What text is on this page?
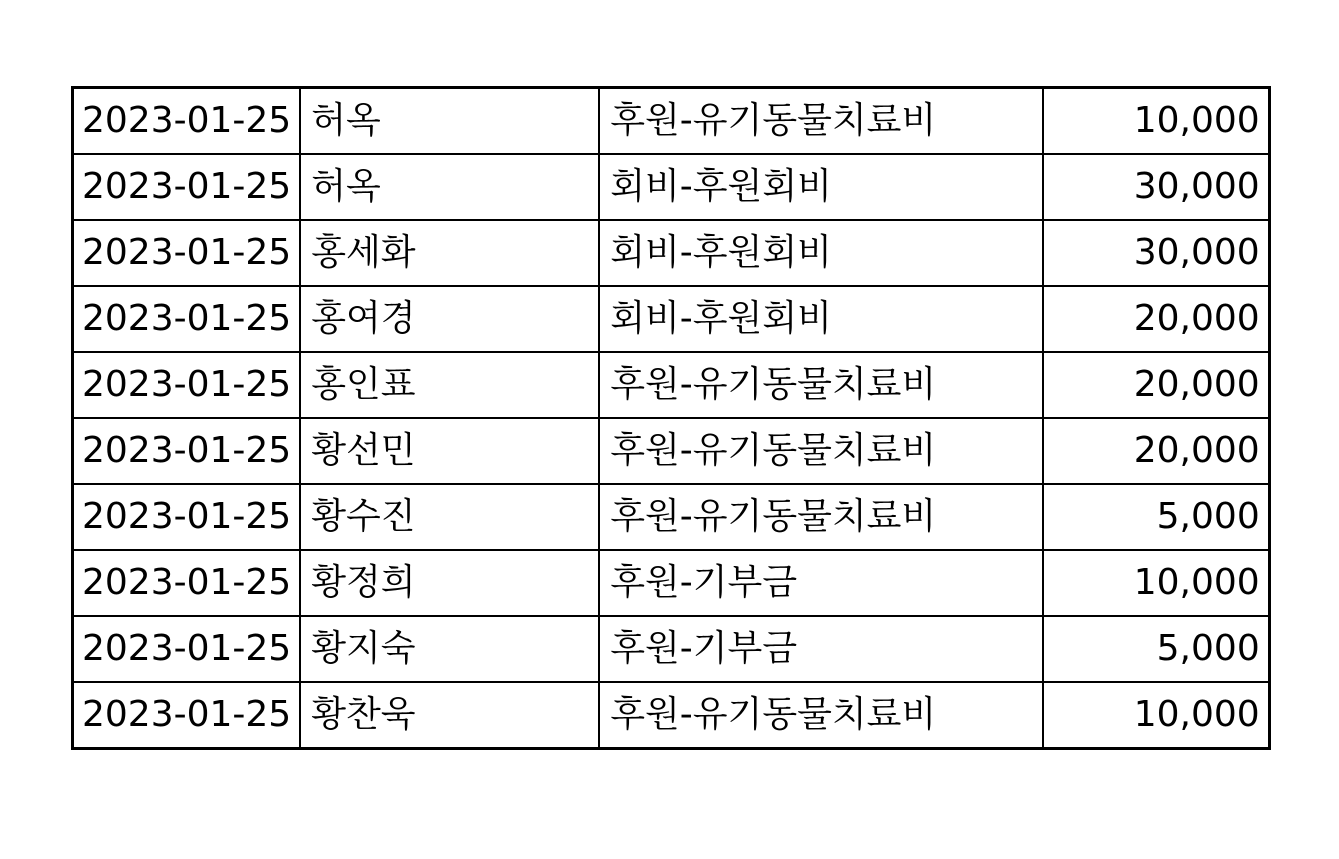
2023-01-25	허옥	후원-유기동물치료비	10,000
2023-01-25	허옥	회비-후원회비	30,000
2023-01-25	홍세화	회비-후원회비	30,000
2023-01-25	홍여경	회비-후원회비	20,000
2023-01-25	홍인표	후원-유기동물치료비	20,000
2023-01-25	황선민	후원-유기동물치료비	20,000
2023-01-25	황수진	후원-유기동물치료비	5,000
2023-01-25	황정희	후원-기부금	10,000
2023-01-25	황지숙	후원-기부금	5,000
2023-01-25	황찬욱	후원-유기동물치료비	10,000
